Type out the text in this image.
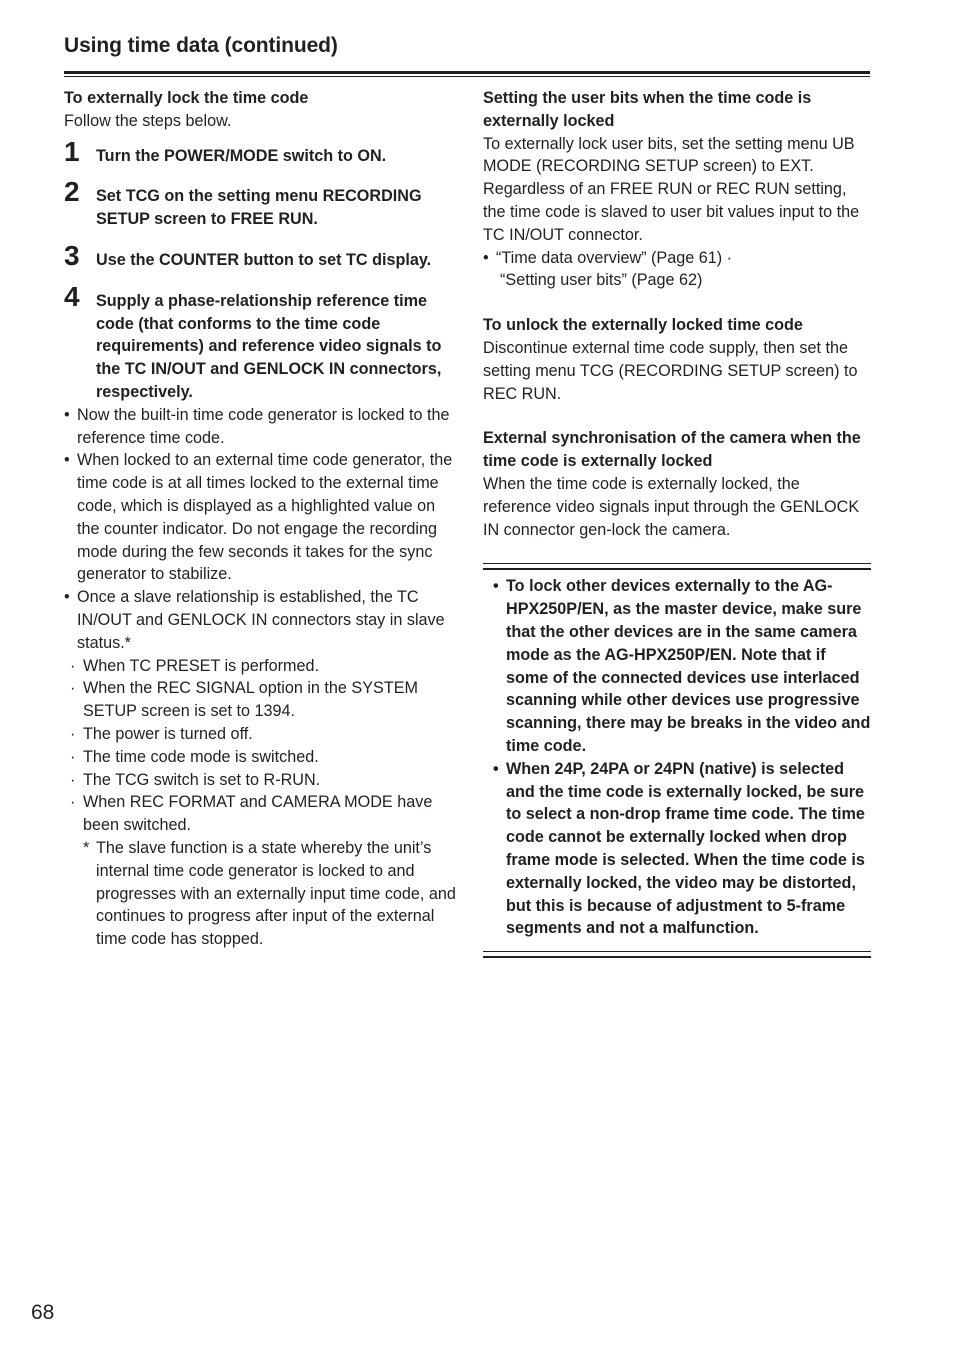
Using time data (continued)

To externally lock the time code

Follow the steps below.

1	Turn the POWER/MODE switch to ON.
2	Set TCG on the setting menu RECORDING SETUP screen to FREE RUN.
3	Use the COUNTER button to set TC display.
4	Supply a phase-relationship reference time code (that conforms to the time code requirements) and reference video signals to the TC IN/OUT and GENLOCK IN connectors, respectively.
• Now the built-in time code generator is locked to the reference time code.
• When locked to an external time code generator, the time code is at all times locked to the external time code, which is displayed as a highlighted value on the counter indicator. Do not engage the recording mode during the few seconds it takes for the sync generator to stabilize.
• Once a slave relationship is established, the TC IN/OUT and GENLOCK IN connectors stay in slave status.*
· When TC PRESET is performed.
· When the REC SIGNAL option in the SYSTEM SETUP screen is set to 1394.
· The power is turned off.
· The time code mode is switched.
· The TCG switch is set to R-RUN.
· When REC FORMAT and CAMERA MODE have been switched.
* The slave function is a state whereby the unit’s internal time code generator is locked to and progresses with an externally input time code, and continues to progress after input of the external time code has stopped.

Setting the user bits when the time code is externally locked

To externally lock user bits, set the setting menu UB MODE (RECORDING SETUP screen) to EXT. Regardless of an FREE RUN or REC RUN setting, the time code is slaved to user bit values input to the TC IN/OUT connector.

• “Time data overview” (Page 61) ·

“Setting user bits” (Page 62)

To unlock the externally locked time code

Discontinue external time code supply, then set the setting menu TCG (RECORDING SETUP screen) to REC RUN.

External synchronisation of the camera when the time code is externally locked

When the time code is externally locked, the reference video signals input through the GENLOCK IN connector gen-lock the camera.

• To lock other devices externally to the AG-HPX250P/EN, as the master device, make sure that the other devices are in the same camera mode as the AG-HPX250P/EN. Note that if some of the connected devices use interlaced scanning while other devices use progressive scanning, there may be breaks in the video and time code.
• When 24P, 24PA or 24PN (native) is selected and the time code is externally locked, be sure to select a non-drop frame time code. The time code cannot be externally locked when drop frame mode is selected. When the time code is externally locked, the video may be distorted, but this is because of adjustment to 5-frame segments and not a malfunction.
68
